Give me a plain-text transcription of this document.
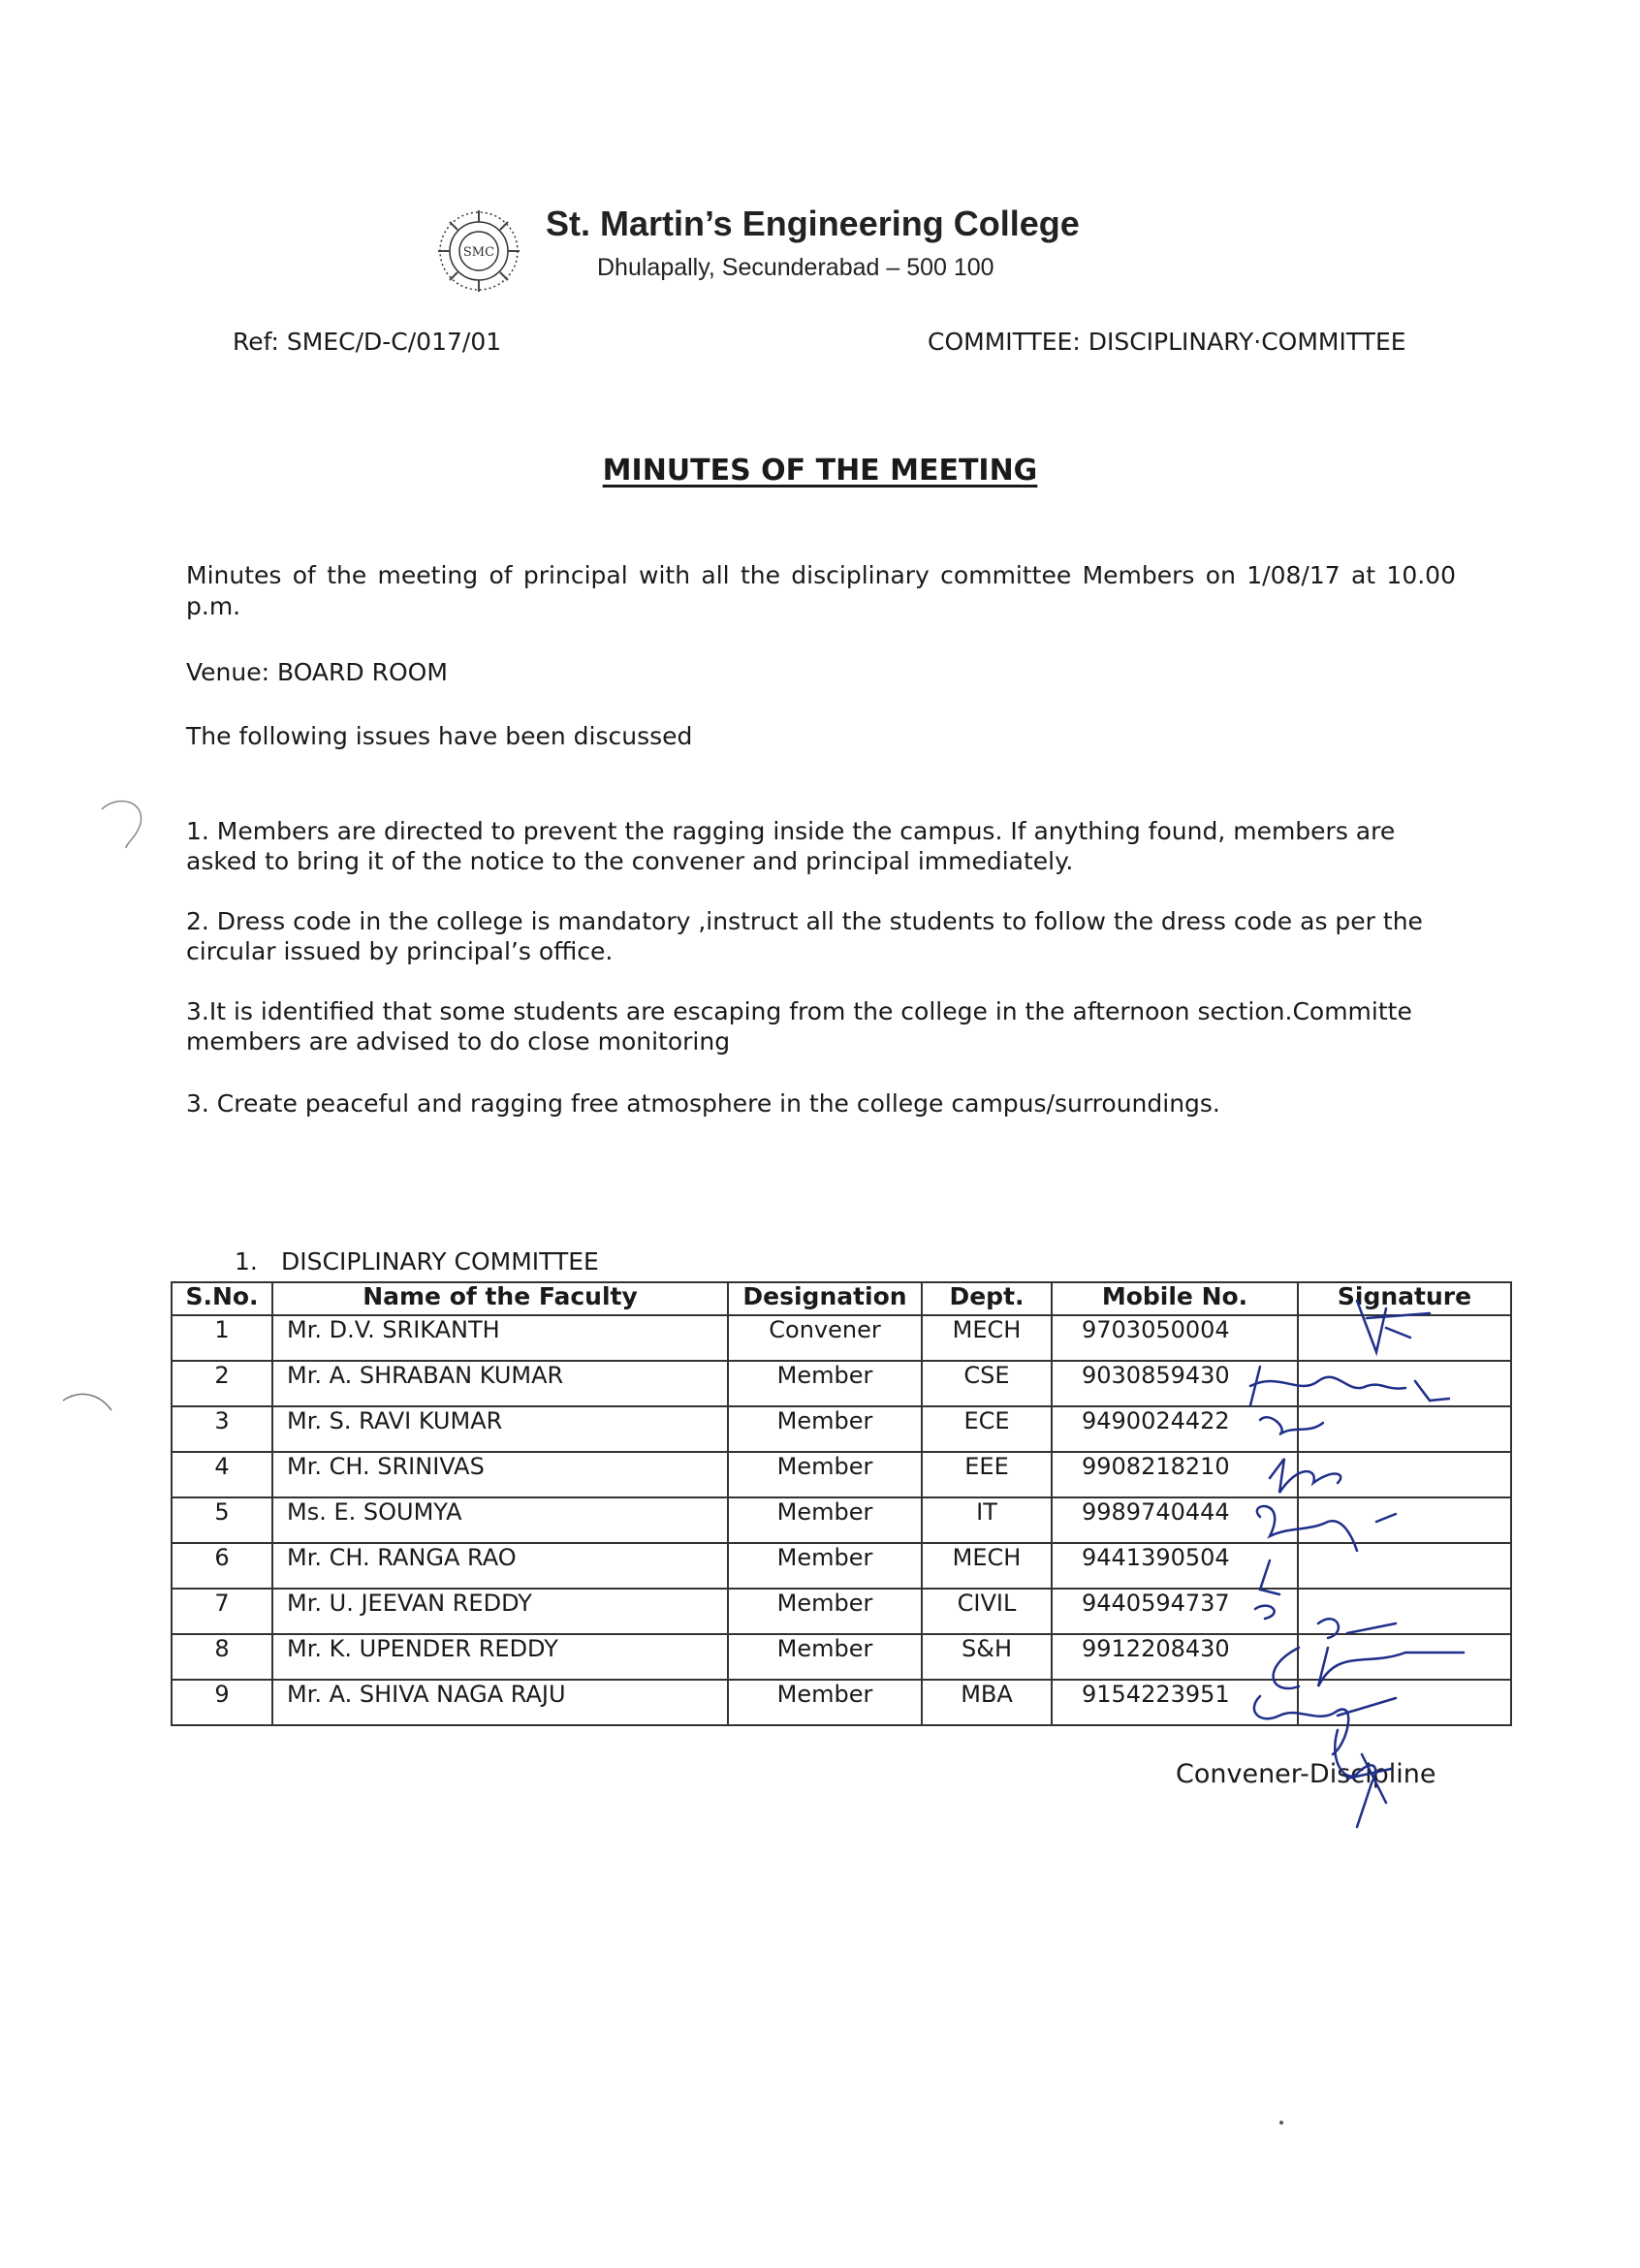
SMC
St. Martin’s Engineering College
Dhulapally, Secunderabad – 500 100
Ref: SMEC/D-C/017/01	COMMITTEE: DISCIPLINARY·COMMITTEE
MINUTES OF THE MEETING
Minutes of the meeting of principal with all the disciplinary committee Members on 1/08/17 at 10.00 p.m.
Venue: BOARD ROOM
The following issues have been discussed
1. Members are directed to prevent the ragging inside the campus. If anything found, members are asked to bring it of the notice to the convener and principal immediately.
2. Dress code in the college is mandatory ,instruct all the students to follow the dress code as per the circular issued by principal’s office.
3.It is identified that some students are escaping from the college in the afternoon section.Committe members are advised to do close monitoring
3. Create peaceful and ragging free atmosphere in the college campus/surroundings.
1. DISCIPLINARY COMMITTEE
S.No.	Name of the Faculty	Designation	Dept.	Mobile No.	Signature
1	Mr. D.V. SRIKANTH	Convener	MECH	9703050004	
2	Mr. A. SHRABAN KUMAR	Member	CSE	9030859430	
3	Mr. S. RAVI KUMAR	Member	ECE	9490024422	
4	Mr. CH. SRINIVAS	Member	EEE	9908218210	
5	Ms. E. SOUMYA	Member	IT	9989740444	
6	Mr. CH. RANGA RAO	Member	MECH	9441390504	
7	Mr. U. JEEVAN REDDY	Member	CIVIL	9440594737	
8	Mr. K. UPENDER REDDY	Member	S&H	9912208430	
9	Mr. A. SHIVA NAGA RAJU	Member	MBA	9154223951	
Convener-Discipline
